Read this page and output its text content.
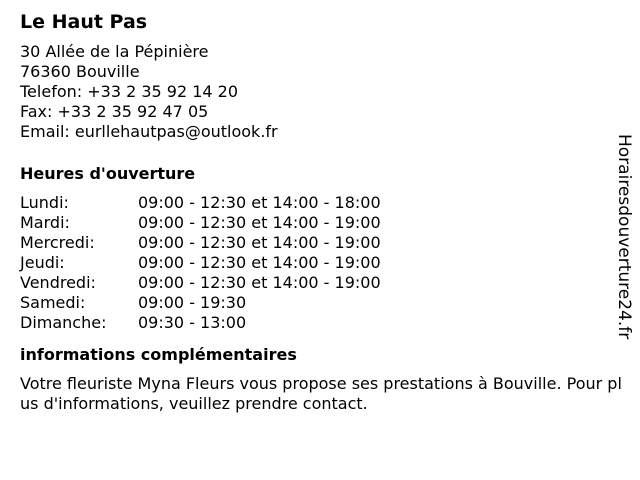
Le Haut Pas
30 Allée de la Pépinière
76360 Bouville
Telefon: +33 2 35 92 14 20
Fax: +33 2 35 92 47 05
Email: eurllehautpas@outlook.fr
Heures d'ouverture
Lundi:	09:00 - 12:30 et 14:00 - 18:00
Mardi:	09:00 - 12:30 et 14:00 - 19:00
Mercredi:	09:00 - 12:30 et 14:00 - 19:00
Jeudi:	09:00 - 12:30 et 14:00 - 19:00
Vendredi:	09:00 - 12:30 et 14:00 - 19:00
Samedi:	09:00 - 19:30
Dimanche:	09:30 - 13:00
informations complémentaires
Votre fleuriste Myna Fleurs vous propose ses prestations à Bouville. Pour plus d'informations, veuillez prendre contact.
Horairesdouverture24.fr
